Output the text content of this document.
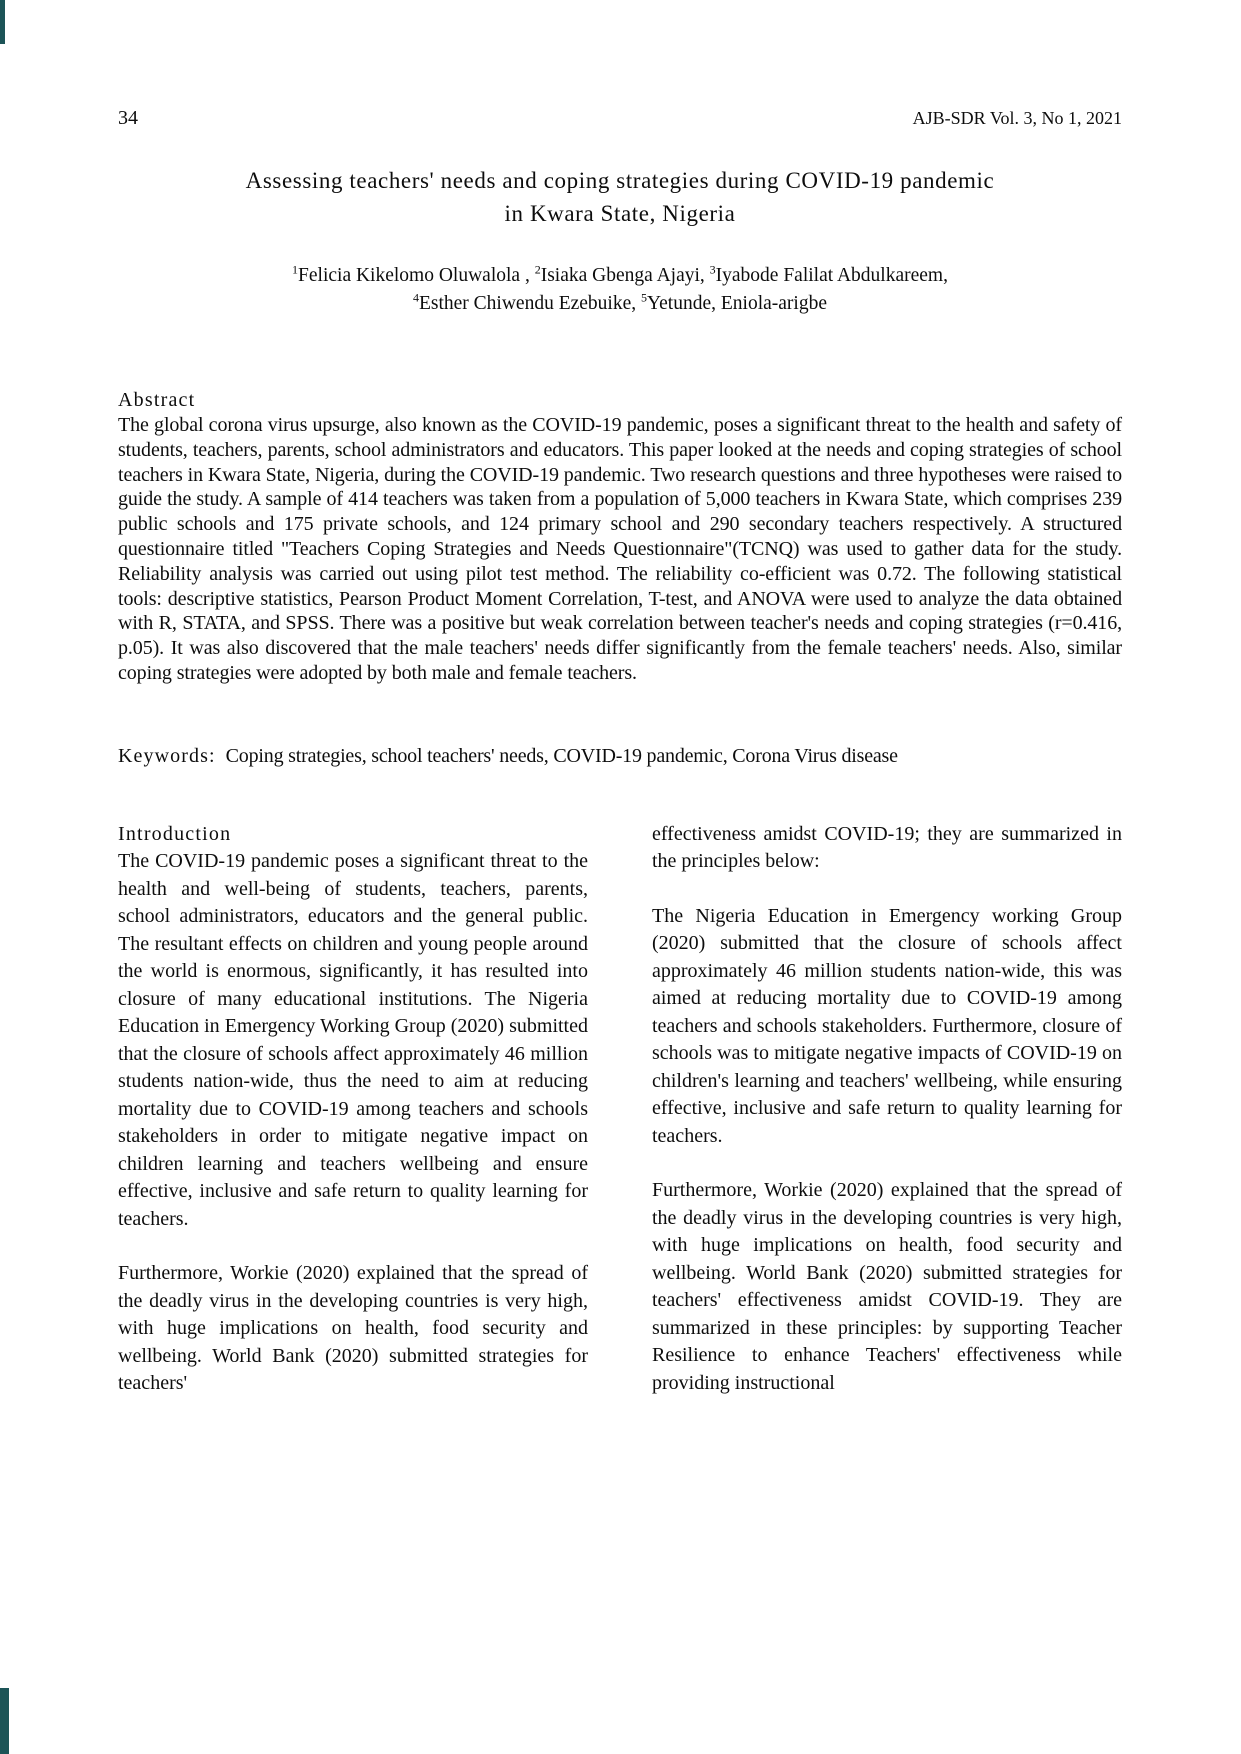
34	AJB-SDR Vol. 3, No 1, 2021
Assessing teachers' needs and coping strategies during COVID-19 pandemic
in Kwara State, Nigeria
$^1$Felicia Kikelomo Oluwalola , $^2$Isiaka Gbenga Ajayi, $^3$Iyabode Falilat Abdulkareem,
$^4$Esther Chiwendu Ezebuike, $^5$Yetunde, Eniola-arigbe
Abstract

The global corona virus upsurge, also known as the COVID-19 pandemic, poses a significant threat to the health and safety of students, teachers, parents, school administrators and educators. This paper looked at the needs and coping strategies of school teachers in Kwara State, Nigeria, during the COVID-19 pandemic. Two research questions and three hypotheses were raised to guide the study. A sample of 414 teachers was taken from a population of 5,000 teachers in Kwara State, which comprises 239 public schools and 175 private schools, and 124 primary school and 290 secondary teachers respectively. A structured questionnaire titled "Teachers Coping Strategies and Needs Questionnaire"(TCNQ) was used to gather data for the study. Reliability analysis was carried out using pilot test method. The reliability co-efficient was 0.72. The following statistical tools: descriptive statistics, Pearson Product Moment Correlation, T-test, and ANOVA were used to analyze the data obtained with R, STATA, and SPSS. There was a positive but weak correlation between teacher's needs and coping strategies (r=0.416, p.05). It was also discovered that the male teachers' needs differ significantly from the female teachers' needs. Also, similar coping strategies were adopted by both male and female teachers.

Keywords: Coping strategies, school teachers' needs, COVID-19 pandemic, Corona Virus disease
Introduction

The COVID-19 pandemic poses a significant threat to the health and well-being of students, teachers, parents, school administrators, educators and the general public. The resultant effects on children and young people around the world is enormous, significantly, it has resulted into closure of many educational institutions. The Nigeria Education in Emergency Working Group (2020) submitted that the closure of schools affect approximately 46 million students nation-wide, thus the need to aim at reducing mortality due to COVID-19 among teachers and schools stakeholders in order to mitigate negative impact on children learning and teachers wellbeing and ensure effective, inclusive and safe return to quality learning for teachers.

Furthermore, Workie (2020) explained that the spread of the deadly virus in the developing countries is very high, with huge implications on health, food security and wellbeing. World Bank (2020) submitted strategies for teachers'

effectiveness amidst COVID-19; they are summarized in the principles below:

The Nigeria Education in Emergency working Group (2020) submitted that the closure of schools affect approximately 46 million students nation-wide, this was aimed at reducing mortality due to COVID-19 among teachers and schools stakeholders. Furthermore, closure of schools was to mitigate negative impacts of COVID-19 on children's learning and teachers' wellbeing, while ensuring effective, inclusive and safe return to quality learning for teachers.

Furthermore, Workie (2020) explained that the spread of the deadly virus in the developing countries is very high, with huge implications on health, food security and wellbeing. World Bank (2020) submitted strategies for teachers' effectiveness amidst COVID-19. They are summarized in these principles: by supporting Teacher Resilience to enhance Teachers' effectiveness while providing instructional
